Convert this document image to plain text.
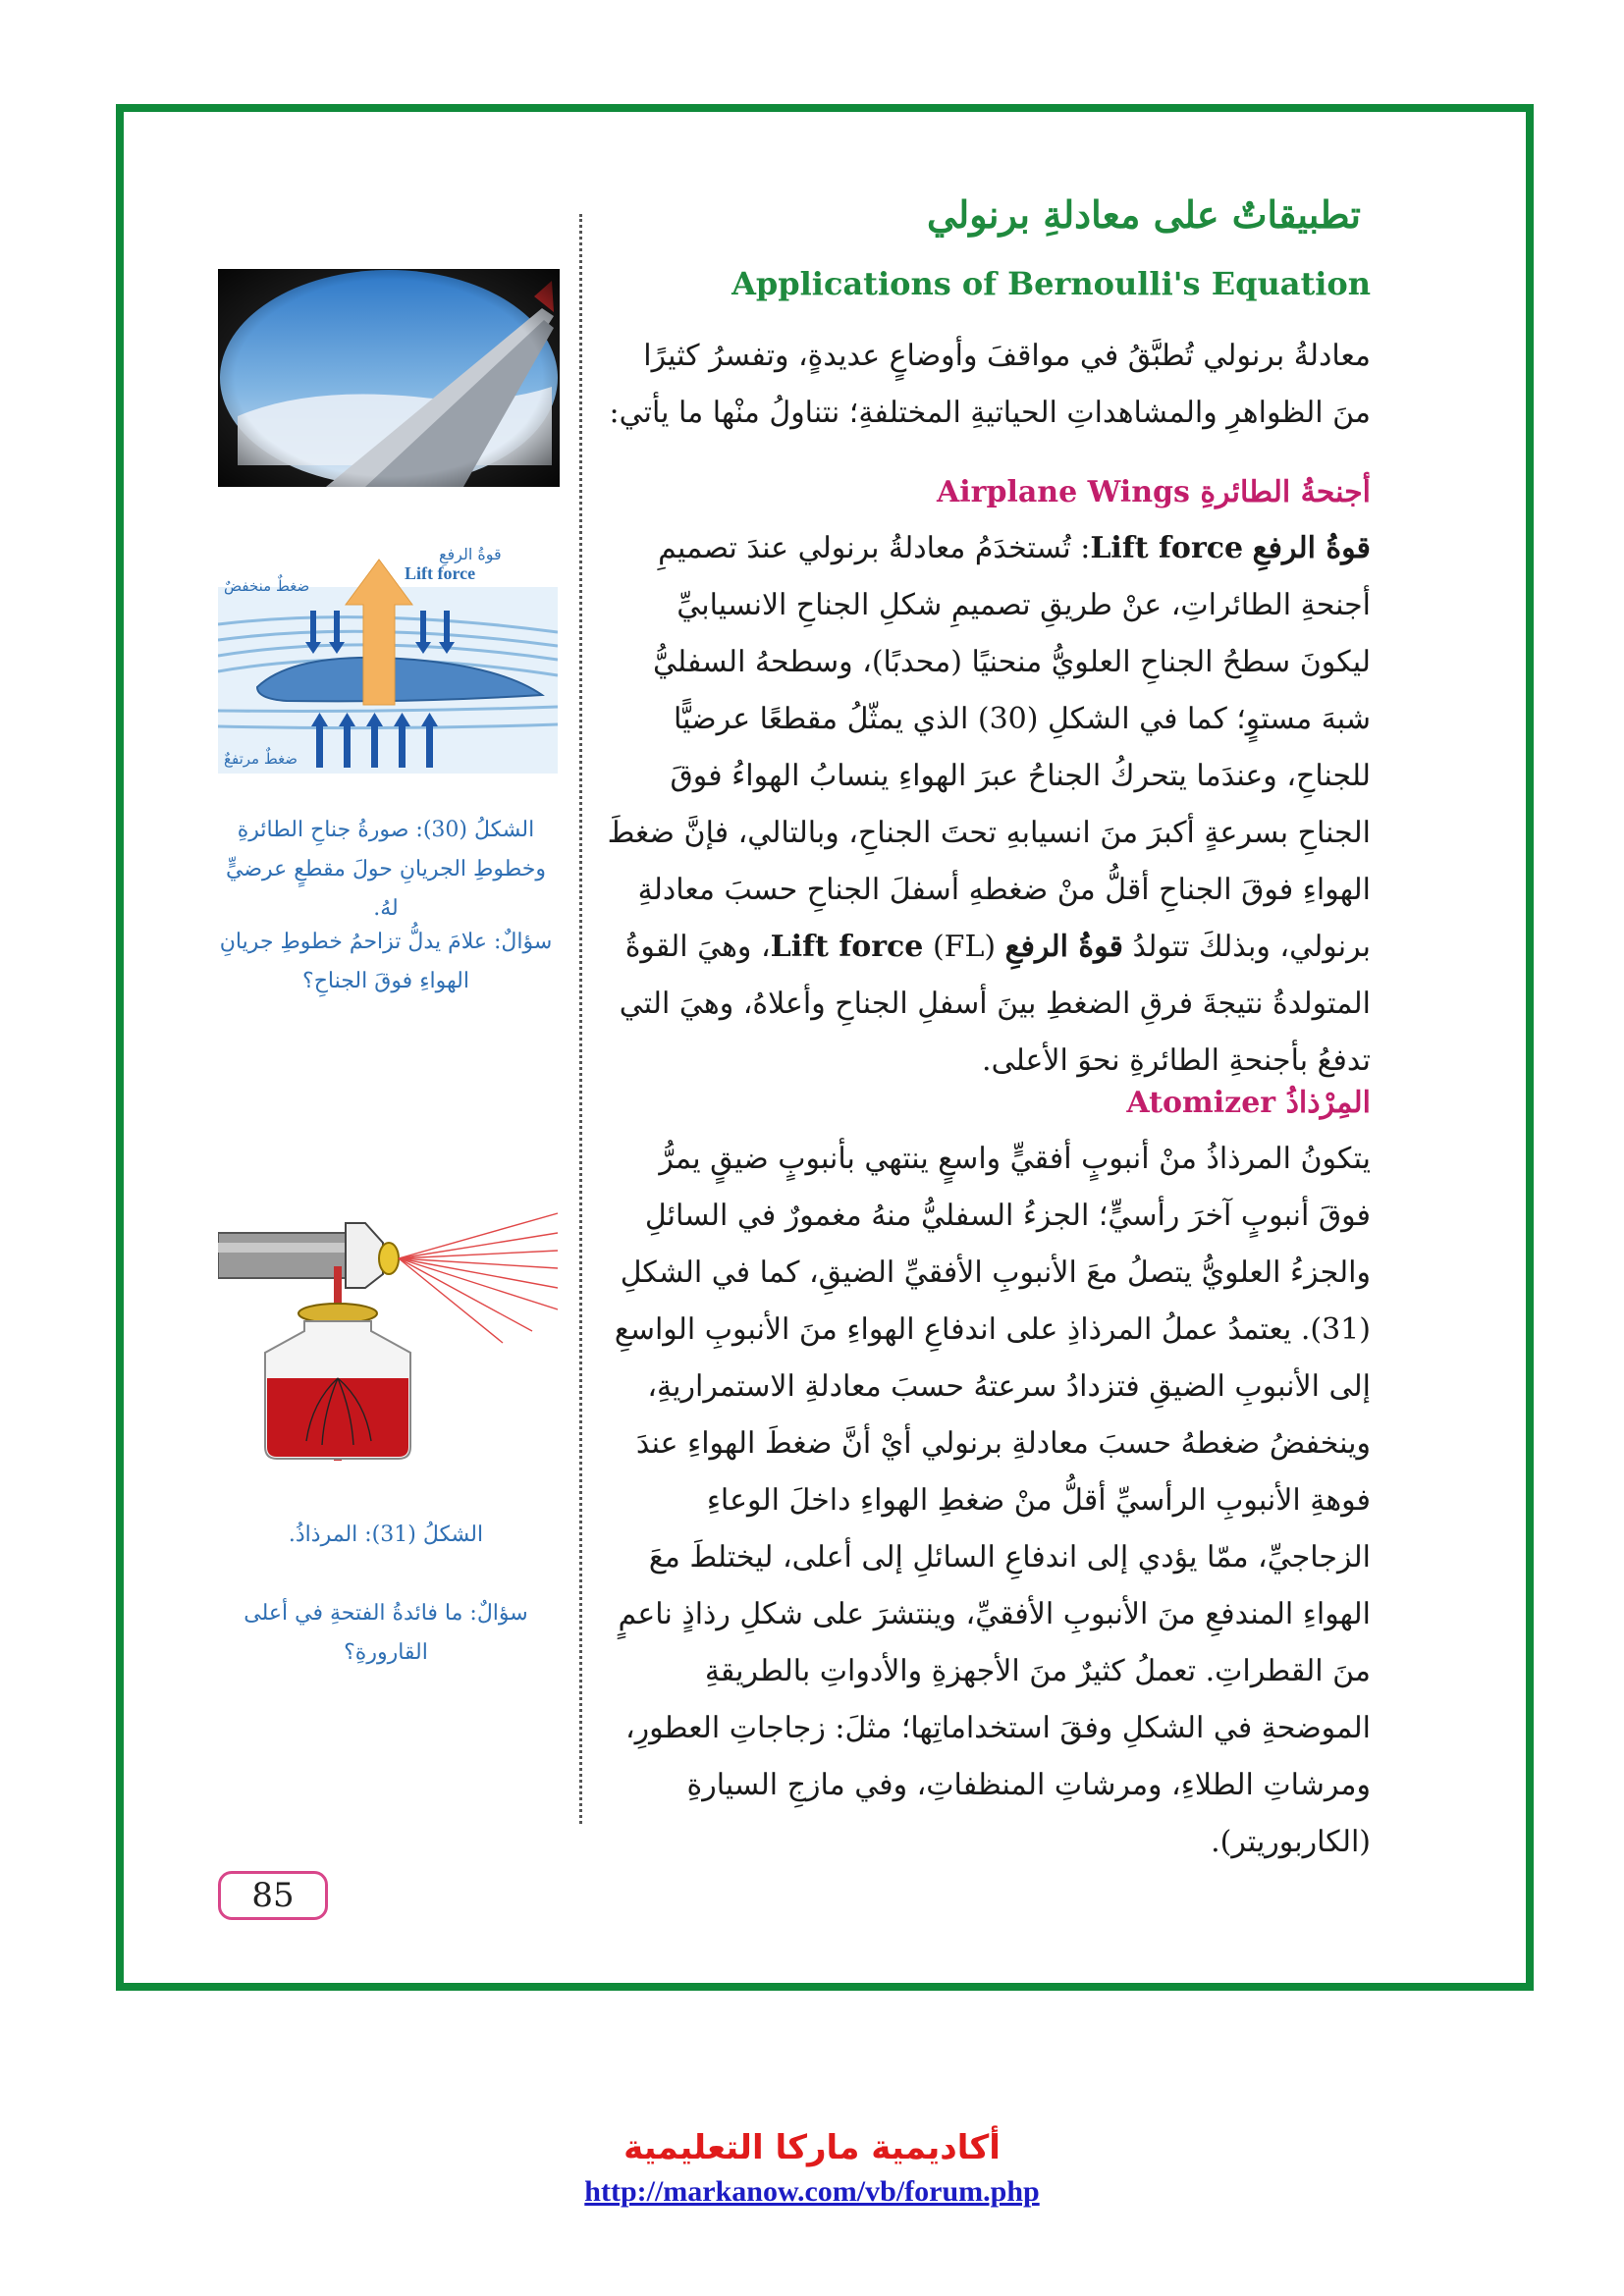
تطبيقاتٌ على معادلةِ برنولي
Applications of Bernoulli's Equation

معادلةُ برنولي تُطبَّقُ في مواقفَ وأوضاعٍ عديدةٍ، وتفسرُ كثيرًا منَ الظواهرِ والمشاهداتِ الحياتيةِ المختلفةِ؛ نتناولُ منْها ما يأتي:

أجنحةُ الطائرةِ Airplane Wings

قوةُ الرفعِ Lift force: تُستخدَمُ معادلةُ برنولي عندَ تصميمِ أجنحةِ الطائراتِ، عنْ طريقِ تصميمِ شكلِ الجناحِ الانسيابيِّ ليكونَ سطحُ الجناحِ العلويُّ منحنيًا (محدبًا)، وسطحهُ السفليُّ شبهَ مستوٍ؛ كما في الشكلِ (30) الذي يمثّلُ مقطعًا عرضيًّا للجناحِ، وعندَما يتحركُ الجناحُ عبرَ الهواءِ ينسابُ الهواءُ فوقَ الجناحِ بسرعةٍ أكبرَ منَ انسيابهِ تحتَ الجناحِ، وبالتالي، فإنَّ ضغطَ الهواءِ فوقَ الجناحِ أقلُّ منْ ضغطهِ أسفلَ الجناحِ حسبَ معادلةِ برنولي، وبذلكَ تتولدُ قوةُ الرفعِ Lift force (FL)، وهيَ القوةُ المتولدةُ نتيجةَ فرقِ الضغطِ بينَ أسفلِ الجناحِ وأعلاهُ، وهيَ التي تدفعُ بأجنحةِ الطائرةِ نحوَ الأعلى.

المِرْذاذُ Atomizer

يتكونُ المرذاذُ منْ أنبوبٍ أفقيٍّ واسعٍ ينتهي بأنبوبٍ ضيقٍ يمرُّ فوقَ أنبوبٍ آخرَ رأسيٍّ؛ الجزءُ السفليُّ منهُ مغمورٌ في السائلِ والجزءُ العلويُّ يتصلُ معَ الأنبوبِ الأفقيِّ الضيقِ، كما في الشكلِ (31). يعتمدُ عملُ المرذاذِ على اندفاعِ الهواءِ منَ الأنبوبِ الواسعِ إلى الأنبوبِ الضيقِ فتزدادُ سرعتهُ حسبَ معادلةِ الاستمراريةِ، وينخفضُ ضغطهُ حسبَ معادلةِ برنولي أيْ أنَّ ضغطَ الهواءِ عندَ فوهةِ الأنبوبِ الرأسيِّ أقلُّ منْ ضغطِ الهواءِ داخلَ الوعاءِ الزجاجيِّ، ممّا يؤدي إلى اندفاعِ السائلِ إلى أعلى، ليختلطَ معَ الهواءِ المندفعِ منَ الأنبوبِ الأفقيِّ، وينتشرَ على شكلِ رذاذٍ ناعمٍ منَ القطراتِ. تعملُ كثيرٌ منَ الأجهزةِ والأدواتِ بالطريقةِ الموضحةِ في الشكلِ وفقَ استخداماتِها؛ مثلَ: زجاجاتِ العطورِ، ومرشاتِ الطلاءِ، ومرشاتِ المنظفاتِ، وفي مازجِ السيارةِ (الكاربوريتر).

قوةُ الرفعِ
Lift force
ضغطٌ منخفضٌ
ضغطٌ مرتفعٌ

الشكلُ (30): صورةُ جناحِ الطائرةِ وخطوطِ الجريانِ حولَ مقطعٍ عرضيٍّ لهُ.

سؤالٌ: علامَ يدلُّ تزاحمُ خطوطِ جريانِ الهواءِ فوقَ الجناحِ؟

الشكلُ (31): المرذاذُ.

سؤالٌ: ما فائدةُ الفتحةِ في أعلى القارورةِ؟

85
أكاديمية ماركا التعليمية
http://markanow.com/vb/forum.php
